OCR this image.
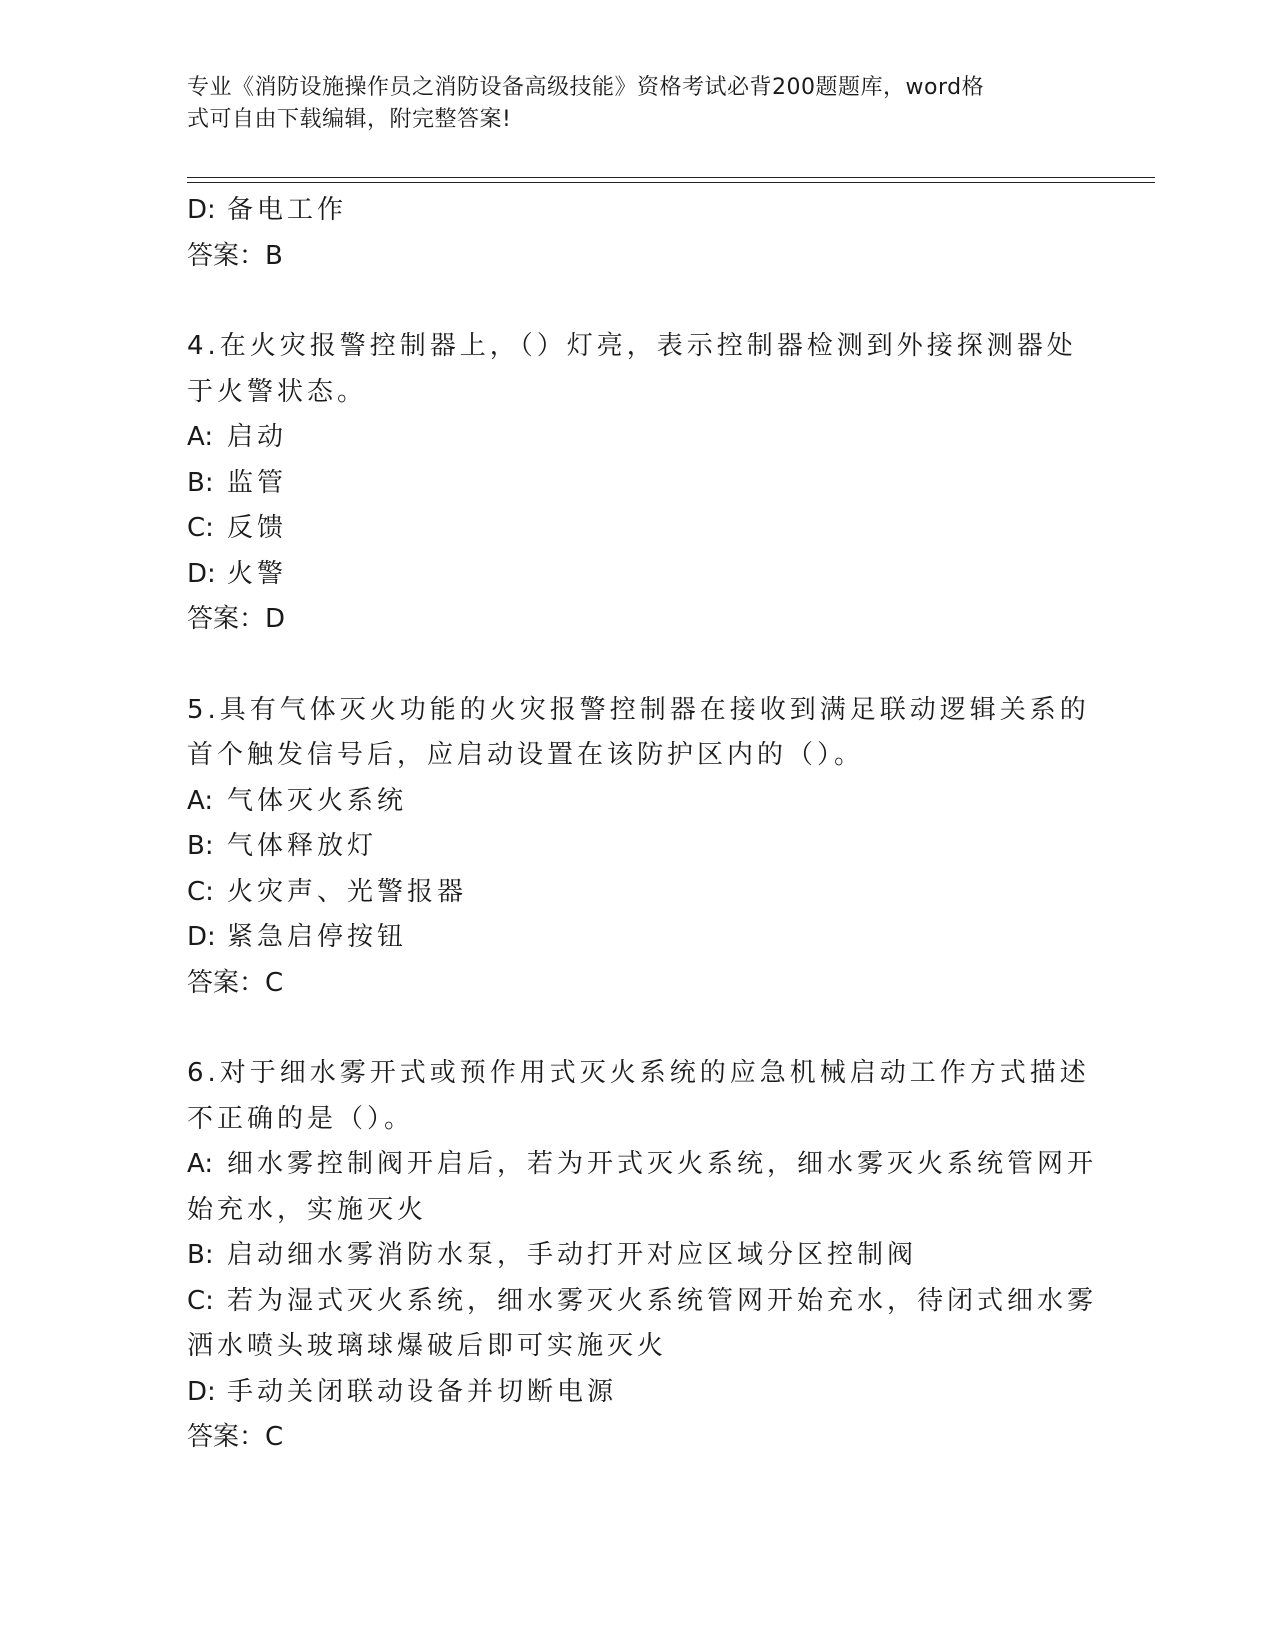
专业《消防设施操作员之消防设备高级技能》资格考试必背200题题库，word格
式可自由下载编辑，附完整答案!
D: 备电工作
答案：B
4.在火灾报警控制器上，（）灯亮，表示控制器检测到外接探测器处
于火警状态。
A: 启动
B: 监管
C: 反馈
D: 火警
答案：D
5.具有气体灭火功能的火灾报警控制器在接收到满足联动逻辑关系的
首个触发信号后，应启动设置在该防护区内的（）。
A: 气体灭火系统
B: 气体释放灯
C: 火灾声、光警报器
D: 紧急启停按钮
答案：C
6.对于细水雾开式或预作用式灭火系统的应急机械启动工作方式描述
不正确的是（）。
A: 细水雾控制阀开启后，若为开式灭火系统，细水雾灭火系统管网开
始充水，实施灭火
B: 启动细水雾消防水泵，手动打开对应区域分区控制阀
C: 若为湿式灭火系统，细水雾灭火系统管网开始充水，待闭式细水雾
洒水喷头玻璃球爆破后即可实施灭火
D: 手动关闭联动设备并切断电源
答案：C
